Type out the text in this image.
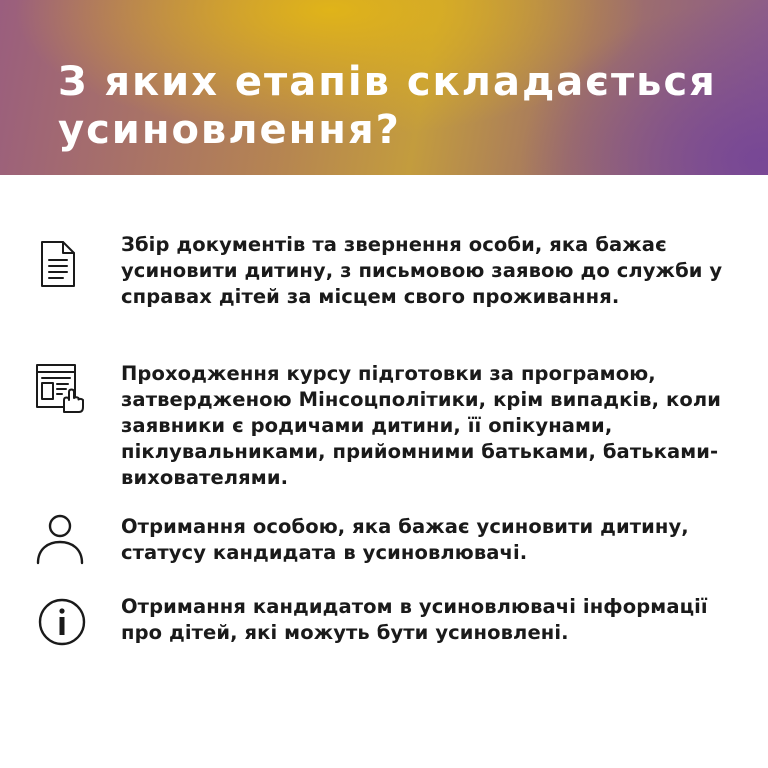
З яких етапів складається усиновлення?

Збір документів та звернення особи, яка бажає усиновити дитину, з письмовою заявою до служби у справах дітей за місцем свого проживання.

Проходження курсу підготовки за програмою, затвердженою Мінсоцполітики, крім випадків, коли заявники є родичами дитини, її опікунами, піклувальниками, прийомними батьками, батьками-вихователями.

Отримання особою, яка бажає усиновити дитину, статусу кандидата в усиновлювачі.

Отримання кандидатом в усиновлювачі інформації про дітей, які можуть бути усиновлені.
